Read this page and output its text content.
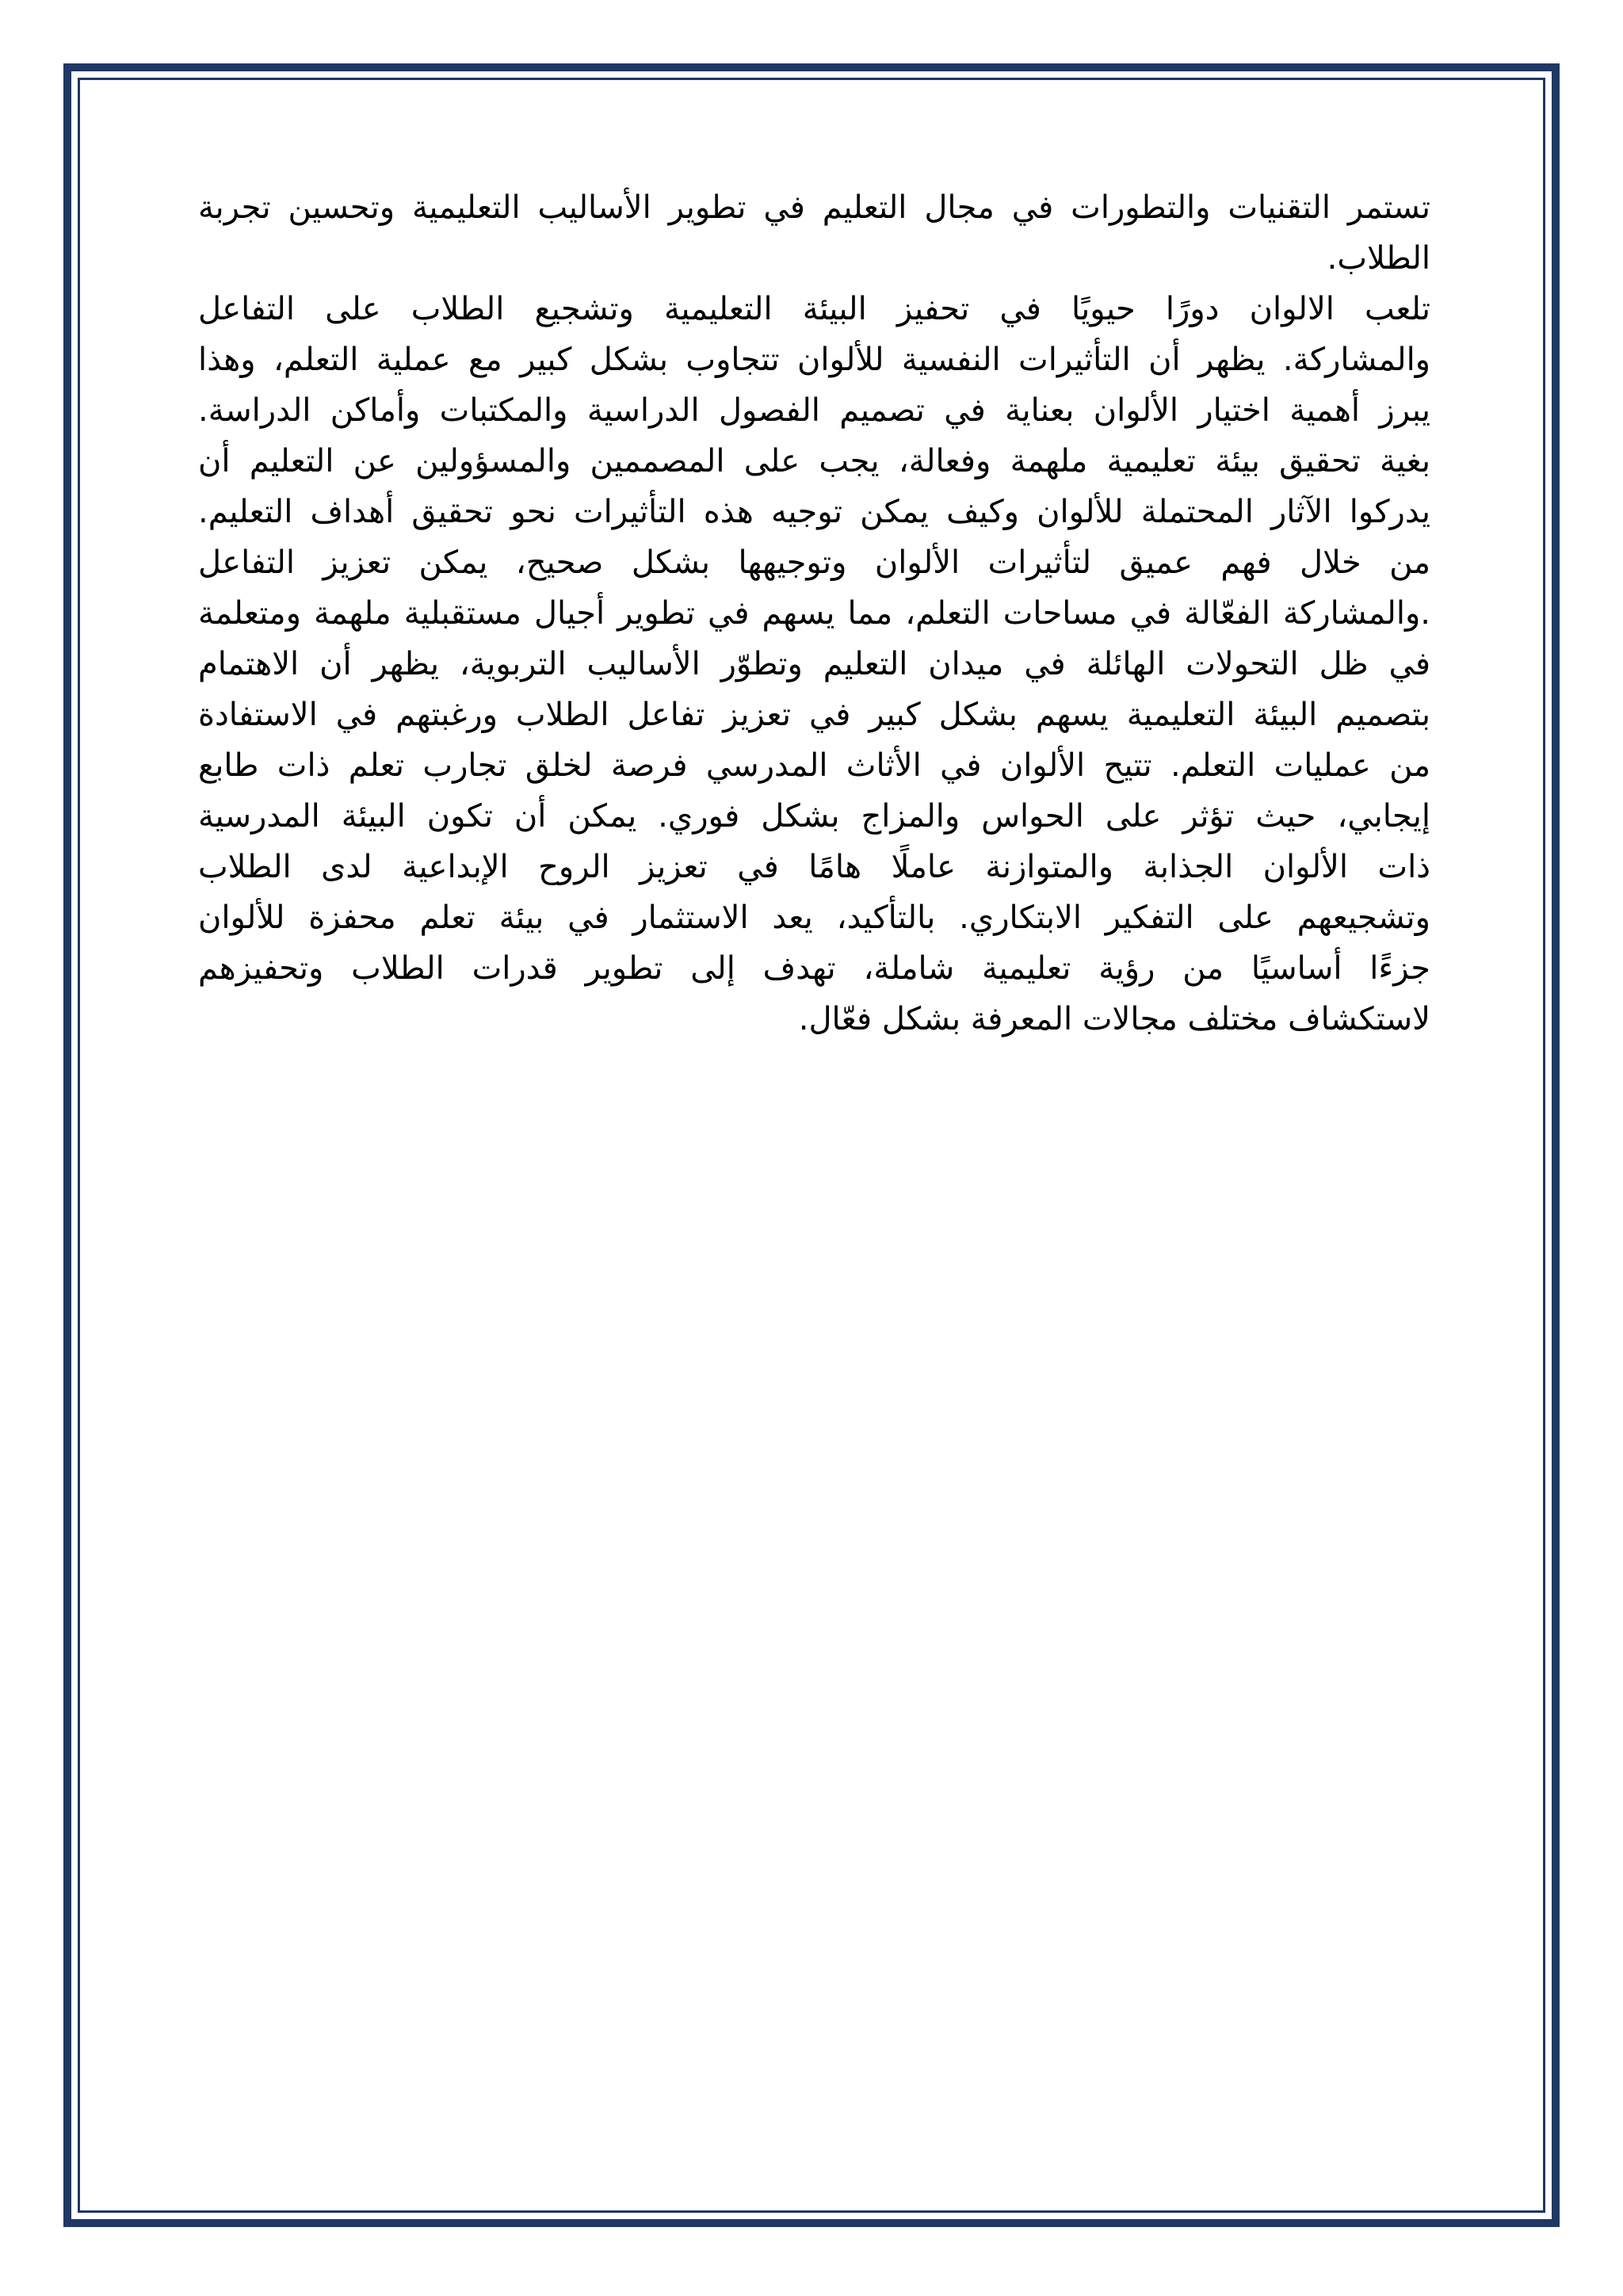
تستمر التقنيات والتطورات في مجال التعليم في تطوير الأساليب التعليمية وتحسين تجربة
الطلاب.

تلعب الالوان دورًا حيويًا في تحفيز البيئة التعليمية وتشجيع الطلاب على التفاعل
والمشاركة. يظهر أن التأثيرات النفسية للألوان تتجاوب بشكل كبير مع عملية التعلم، وهذا
يبرز أهمية اختيار الألوان بعناية في تصميم الفصول الدراسية والمكتبات وأماكن الدراسة.
بغية تحقيق بيئة تعليمية ملهمة وفعالة، يجب على المصممين والمسؤولين عن التعليم أن
يدركوا الآثار المحتملة للألوان وكيف يمكن توجيه هذه التأثيرات نحو تحقيق أهداف التعليم.
من خلال فهم عميق لتأثيرات الألوان وتوجيهها بشكل صحيح، يمكن تعزيز التفاعل
.والمشاركة الفعّالة في مساحات التعلم، مما يسهم في تطوير أجيال مستقبلية ملهمة ومتعلمة
في ظل التحولات الهائلة في ميدان التعليم وتطوّر الأساليب التربوية، يظهر أن الاهتمام
بتصميم البيئة التعليمية يسهم بشكل كبير في تعزيز تفاعل الطلاب ورغبتهم في الاستفادة
من عمليات التعلم. تتيح الألوان في الأثاث المدرسي فرصة لخلق تجارب تعلم ذات طابع
إيجابي، حيث تؤثر على الحواس والمزاج بشكل فوري. يمكن أن تكون البيئة المدرسية
ذات الألوان الجذابة والمتوازنة عاملًا هامًا في تعزيز الروح الإبداعية لدى الطلاب
وتشجيعهم على التفكير الابتكاري. بالتأكيد، يعد الاستثمار في بيئة تعلم محفزة للألوان
جزءًا أساسيًا من رؤية تعليمية شاملة، تهدف إلى تطوير قدرات الطلاب وتحفيزهم
لاستكشاف مختلف مجالات المعرفة بشكل فعّال.
